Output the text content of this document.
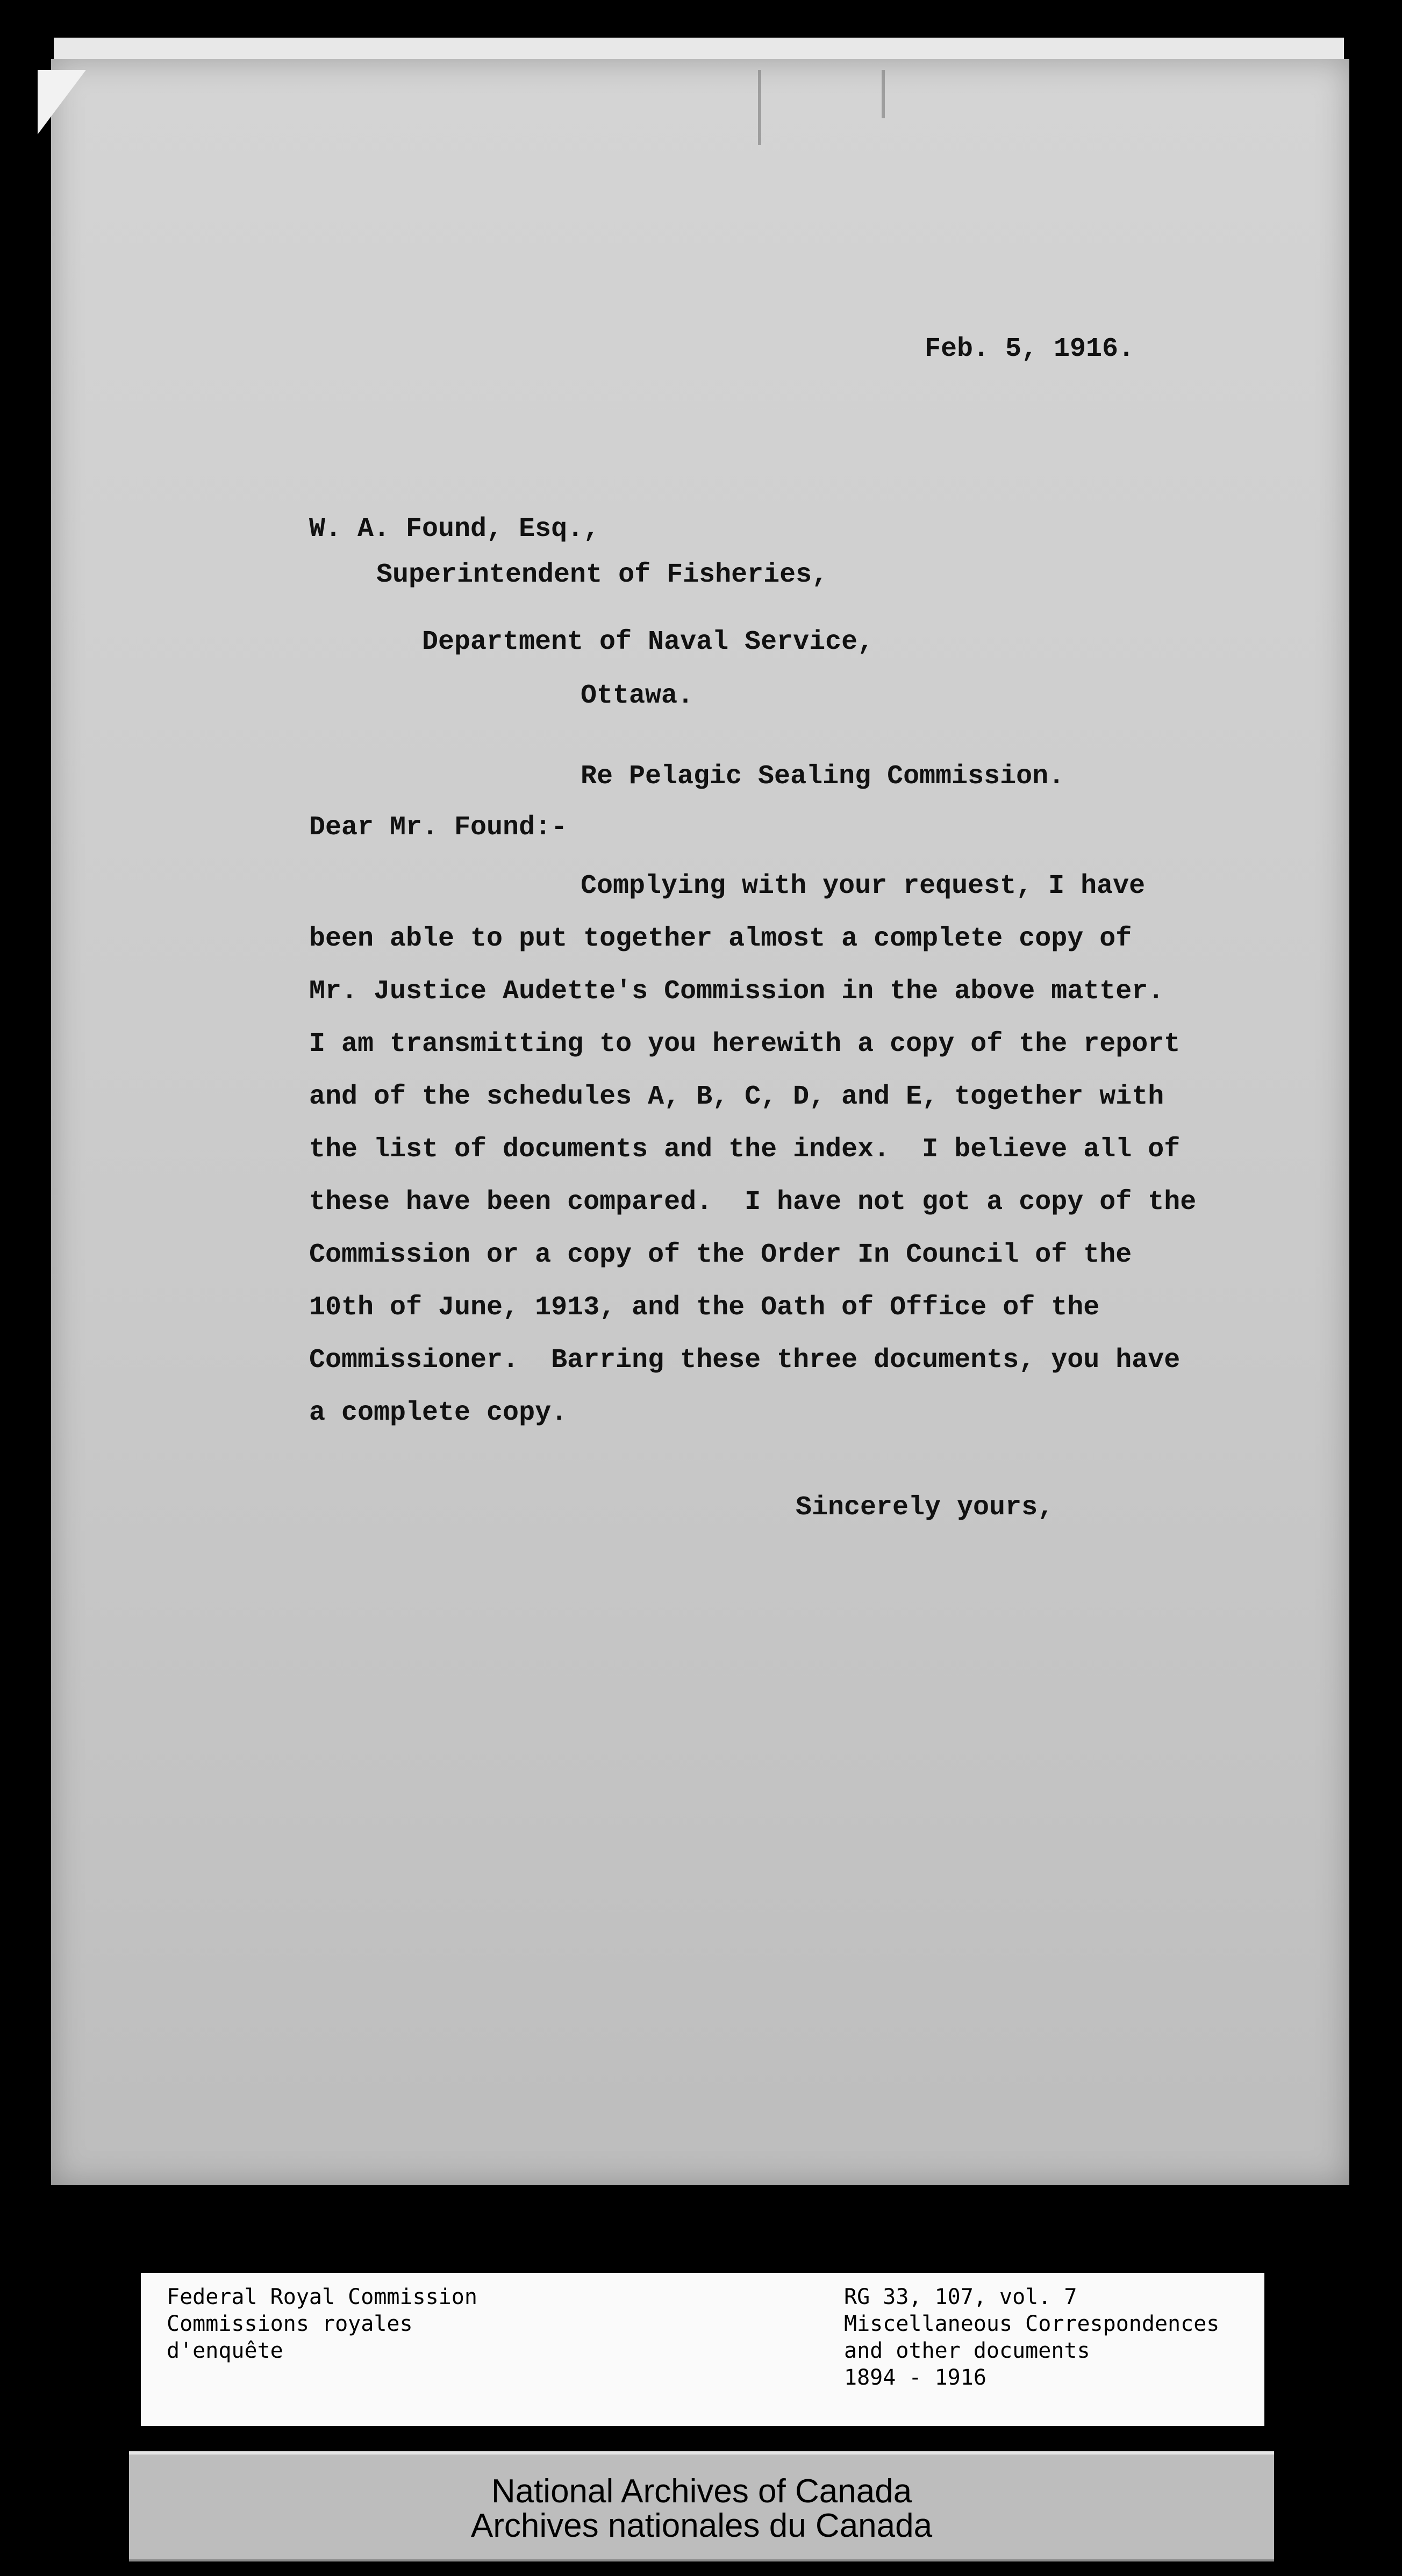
Feb. 5, 1916.
W. A. Found, Esq.,
Superintendent of Fisheries,
Department of Naval Service,
Ottawa.
Re Pelagic Sealing Commission.
Dear Mr. Found:-
Complying with your request, I have
been able to put together almost a complete copy of
Mr. Justice Audette's Commission in the above matter.
I am transmitting to you herewith a copy of the report
and of the schedules A, B, C, D, and E, together with
the list of documents and the index.  I believe all of
these have been compared.  I have not got a copy of the
Commission or a copy of the Order In Council of the
10th of June, 1913, and the Oath of Office of the
Commissioner.  Barring these three documents, you have
a complete copy.
Sincerely yours,
Federal Royal Commission
Commissions royales
d'enquête
RG 33, 107, vol. 7
Miscellaneous Correspondences
and other documents
1894 - 1916
National Archives of Canada
Archives nationales du Canada
